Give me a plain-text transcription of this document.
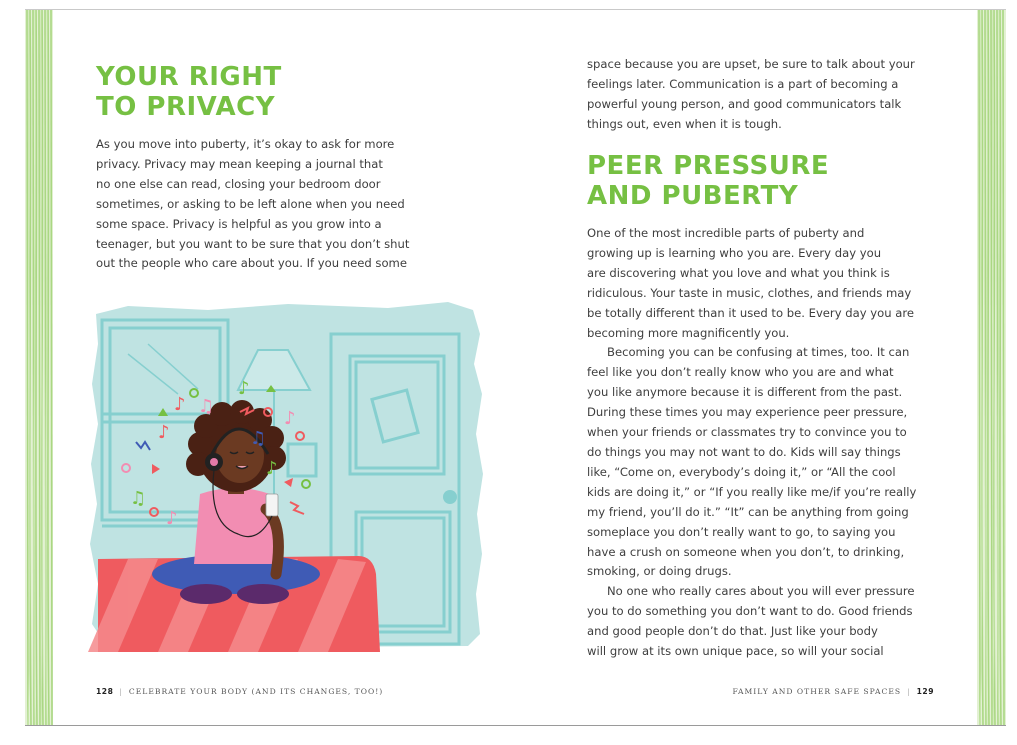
YOUR RIGHT
TO PRIVACY
As you move into puberty, it’s okay to ask for more
privacy. Privacy may mean keeping a journal that
no one else can read, closing your bedroom door
sometimes, or asking to be left alone when you need
some space. Privacy is helpful as you grow into a
teenager, but you want to be sure that you don’t shut
out the people who care about you. If you need some
♪ ♫
♪
♪
♪	♫
♪
♫
♪
128 | CELEBRATE YOUR BODY (AND ITS CHANGES, TOO!)
space because you are upset, be sure to talk about your
feelings later. Communication is a part of becoming a
powerful young person, and good communicators talk
things out, even when it is tough.
PEER PRESSURE
AND PUBERTY

One of the most incredible parts of puberty and
growing up is learning who you are. Every day you
are discovering what you love and what you think is
ridiculous. Your taste in music, clothes, and friends may
be totally different than it used to be. Every day you are
becoming more magnificently you.

Becoming you can be confusing at times, too. It can
feel like you don’t really know who you are and what
you like anymore because it is different from the past.
During these times you may experience peer pressure,
when your friends or classmates try to convince you to
do things you may not want to do. Kids will say things
like, “Come on, everybody’s doing it,” or “All the cool
kids are doing it,” or “If you really like me/if you’re really
my friend, you’ll do it.” “It” can be anything from going
someplace you don’t really want to go, to saying you
have a crush on someone when you don’t, to drinking,
smoking, or doing drugs.

No one who really cares about you will ever pressure
you to do something you don’t want to do. Good friends
and good people don’t do that. Just like your body
will grow at its own unique pace, so will your social

FAMILY AND OTHER SAFE SPACES | 129
